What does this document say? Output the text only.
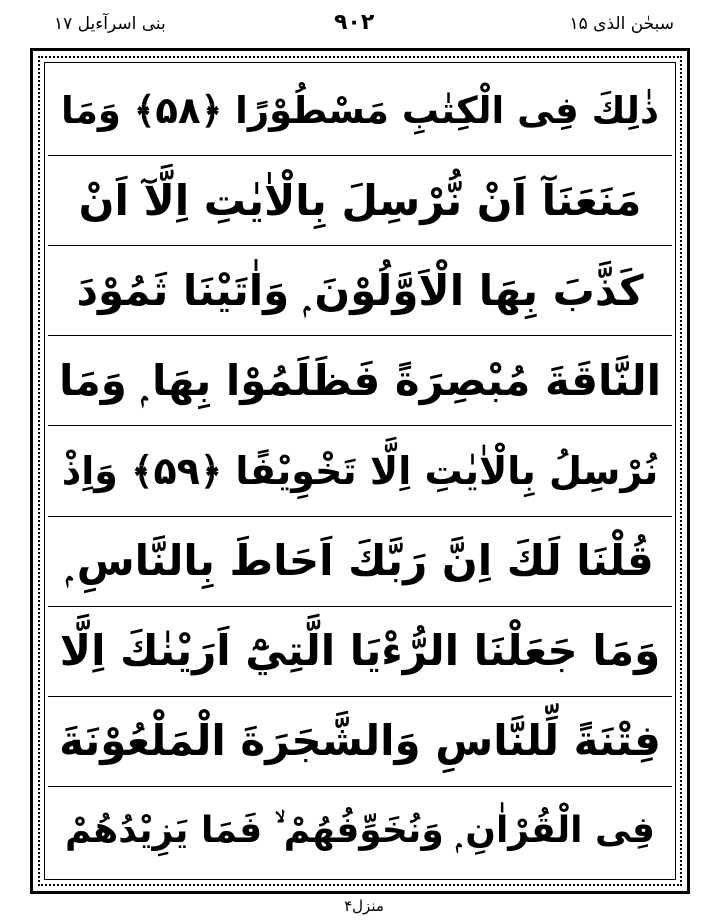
بنی اسرآءیل ۱۷	۹۰۲	سبحٰن الذی ۱۵
ذٰلِكَ فِى الْكِتٰبِ مَسْطُوْرًا ﴿۵۸﴾ وَمَا
مَنَعَنَآ اَنْ نُّرْسِلَ بِالْاٰيٰتِ اِلَّآ اَنْ
كَذَّبَ بِهَا الْاَوَّلُوْنَ ۭ وَاٰتَيْنَا ثَمُوْدَ
النَّاقَةَ مُبْصِرَةً فَظَلَمُوْا بِهَا ۭ وَمَا
نُرْسِلُ بِالْاٰيٰتِ اِلَّا تَخْوِيْفًا ﴿۵۹﴾ وَاِذْ
قُلْنَا لَكَ اِنَّ رَبَّكَ اَحَاطَ بِالنَّاسِ ۭ
وَمَا جَعَلْنَا الرُّءْيَا الَّتِيْٓ اَرَيْنٰكَ اِلَّا
فِتْنَةً لِّلنَّاسِ وَالشَّجَرَةَ الْمَلْعُوْنَةَ
فِى الْقُرْاٰنِ ۭ وَنُخَوِّفُهُمْ ۙ فَمَا يَزِيْدُهُمْ
منزل۴
